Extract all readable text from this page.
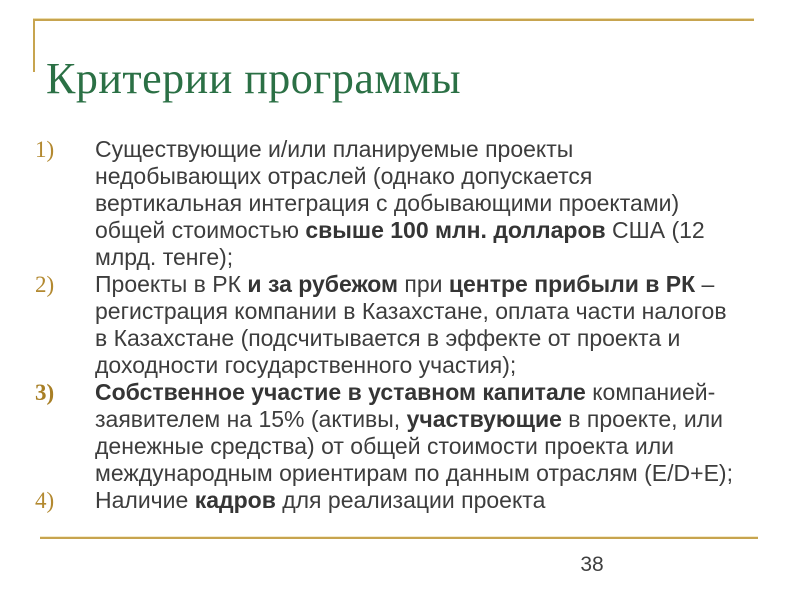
Критерии программы
1) Существующие и/или планируемые проекты
недобывающих отраслей (однако допускается
вертикальная интеграция с добывающими проектами)
общей стоимостью свыше 100 млн. долларов США (12
млрд. тенге);
2) Проекты в РК и за рубежом при центре прибыли в РК –
регистрация компании в Казахстане, оплата части налогов
в Казахстане (подсчитывается в эффекте от проекта и
доходности государственного участия);
3) Собственное участие в уставном капитале компанией-
заявителем на 15% (активы, участвующие в проекте, или
денежные средства) от общей стоимости проекта или
международным ориентирам по данным отраслям (E/D+E);
4) Наличие кадров для реализации проекта
38
